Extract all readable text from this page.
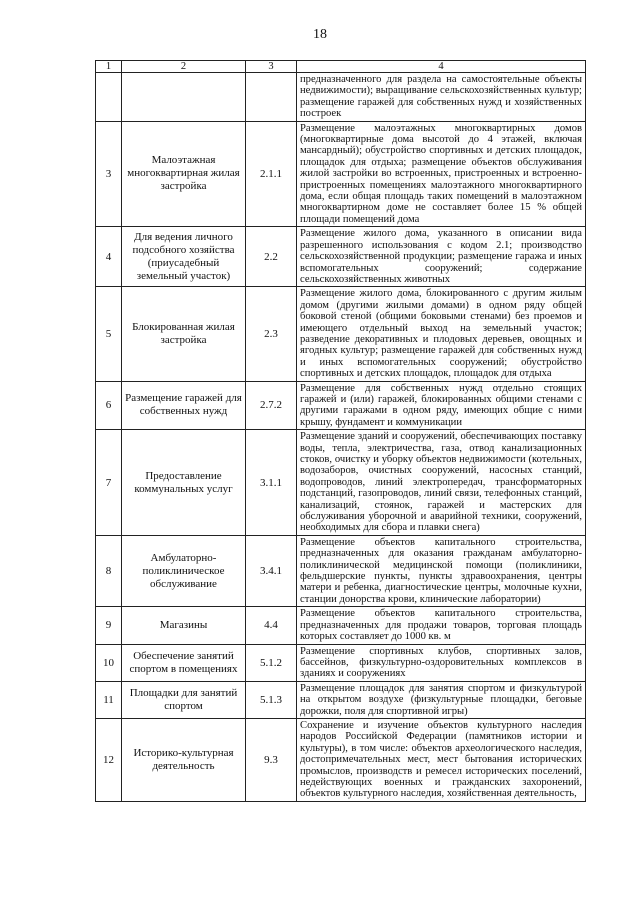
18
1	2	3	4
			предназначенного для раздела на самостоятельные объекты недвижимости); выращивание сельскохозяйственных культур; размещение гаражей для собственных нужд и хозяйственных построек
3	Малоэтажная многоквартирная жилая застройка	2.1.1	Размещение малоэтажных многоквартирных домов (многоквартирные дома высотой до 4 этажей, включая мансардный); обустройство спортивных и детских площадок, площадок для отдыха; размещение объектов обслуживания жилой застройки во встроенных, пристроенных и встроенно-пристроенных помещениях малоэтажного многоквартирного дома, если общая площадь таких помещений в малоэтажном многоквартирном доме не составляет более 15 % общей площади помещений дома
4	Для ведения личного подсобного хозяйства (приусадебный земельный участок)	2.2	Размещение жилого дома, указанного в описании вида разрешенного использования с кодом 2.1; производство сельскохозяйственной продукции; размещение гаража и иных вспомогательных сооружений; содержание сельскохозяйственных животных
5	Блокированная жилая застройка	2.3	Размещение жилого дома, блокированного с другим жилым домом (другими жилыми домами) в одном ряду общей боковой стеной (общими боковыми стенами) без проемов и имеющего отдельный выход на земельный участок; разведение декоративных и плодовых деревьев, овощных и ягодных культур; размещение гаражей для собственных нужд и иных вспомогательных сооружений; обустройство спортивных и детских площадок, площадок для отдыха
6	Размещение гаражей для собственных нужд	2.7.2	Размещение для собственных нужд отдельно стоящих гаражей и (или) гаражей, блокированных общими стенами с другими гаражами в одном ряду, имеющих общие с ними крышу, фундамент и коммуникации
7	Предоставление коммунальных услуг	3.1.1	Размещение зданий и сооружений, обеспечивающих поставку воды, тепла, электричества, газа, отвод канализационных стоков, очистку и уборку объектов недвижимости (котельных, водозаборов, очистных сооружений, насосных станций, водопроводов, линий электропередач, трансформаторных подстанций, газопроводов, линий связи, телефонных станций, канализаций, стоянок, гаражей и мастерских для обслуживания уборочной и аварийной техники, сооружений, необходимых для сбора и плавки снега)
8	Амбулаторно-поликлиническое обслуживание	3.4.1	Размещение объектов капитального строительства, предназначенных для оказания гражданам амбулаторно-поликлинической медицинской помощи (поликлиники, фельдшерские пункты, пункты здравоохранения, центры матери и ребенка, диагностические центры, молочные кухни, станции донорства крови, клинические лаборатории)
9	Магазины	4.4	Размещение объектов капитального строительства, предназначенных для продажи товаров, торговая площадь которых составляет до 1000 кв. м
10	Обеспечение занятий спортом в помещениях	5.1.2	Размещение спортивных клубов, спортивных залов, бассейнов, физкультурно-оздоровительных комплексов в зданиях и сооружениях
11	Площадки для занятий спортом	5.1.3	Размещение площадок для занятия спортом и физкультурой на открытом воздухе (физкультурные площадки, беговые дорожки, поля для спортивной игры)
12	Историко-культурная деятельность	9.3	Сохранение и изучение объектов культурного наследия народов Российской Федерации (памятников истории и культуры), в том числе: объектов археологического наследия, достопримечательных мест, мест бытования исторических промыслов, производств и ремесел исторических поселений, недействующих военных и гражданских захоронений, объектов культурного наследия, хозяйственная деятельность,
